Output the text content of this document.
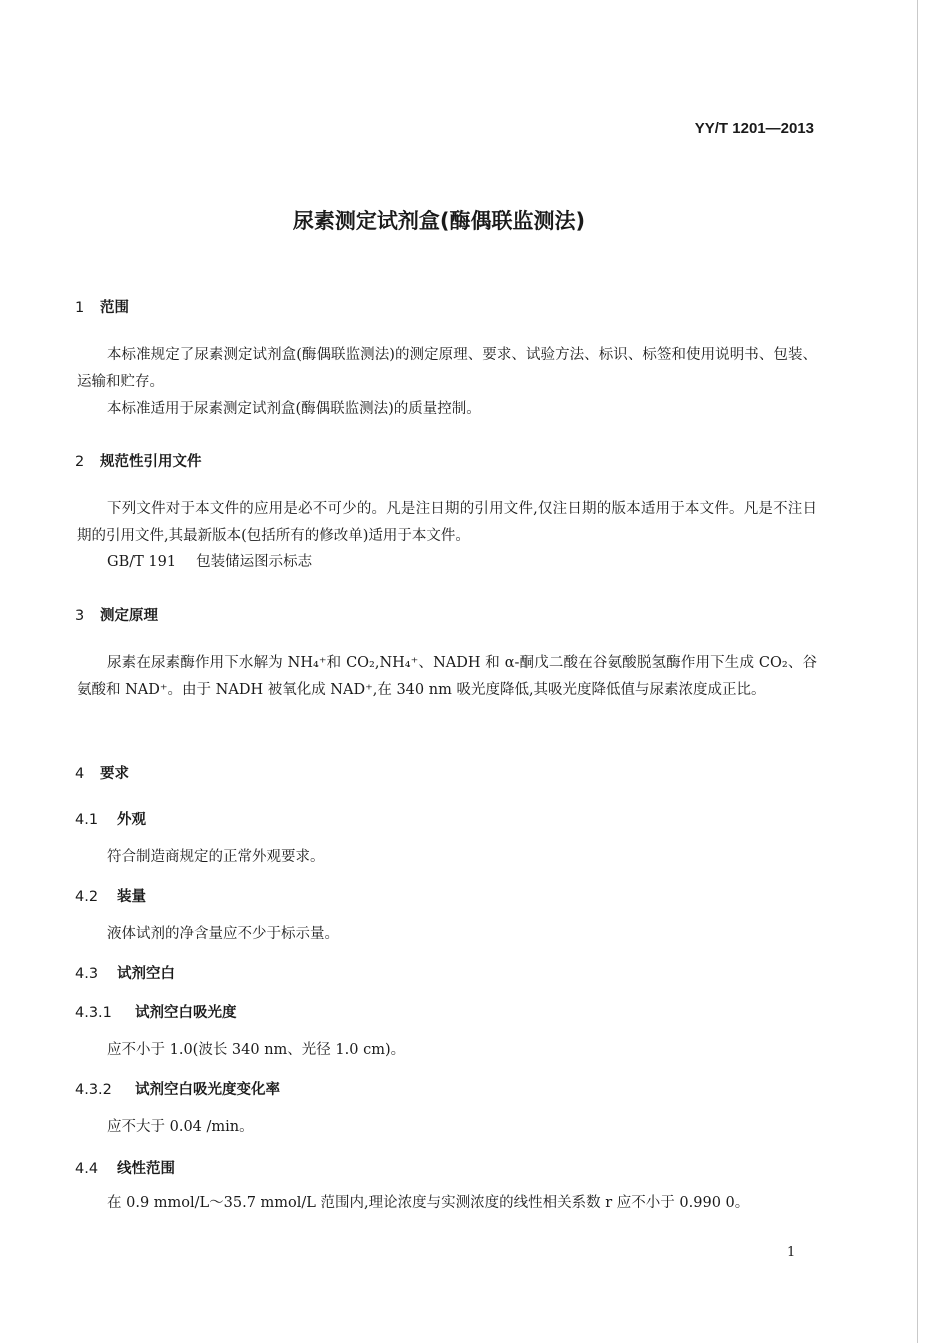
YY/T 1201—2013
尿素测定试剂盒(酶偶联监测法)
1 范围
本标准规定了尿素测定试剂盒(酶偶联监测法)的测定原理、要求、试验方法、标识、标签和使用说明书、包装、运输和贮存。
本标准适用于尿素测定试剂盒(酶偶联监测法)的质量控制。
2 规范性引用文件
下列文件对于本文件的应用是必不可少的。凡是注日期的引用文件,仅注日期的版本适用于本文件。凡是不注日期的引用文件,其最新版本(包括所有的修改单)适用于本文件。
GB/T 191 包装储运图示标志
3 测定原理
尿素在尿素酶作用下水解为 NH₄⁺和 CO₂,NH₄⁺、NADH 和 α-酮戊二酸在谷氨酸脱氢酶作用下生成 CO₂、谷氨酸和 NAD⁺。由于 NADH 被氧化成 NAD⁺,在 340 nm 吸光度降低,其吸光度降低值与尿素浓度成正比。
4 要求
4.1 外观
符合制造商规定的正常外观要求。
4.2 装量
液体试剂的净含量应不少于标示量。
4.3 试剂空白
4.3.1 试剂空白吸光度
应不小于 1.0(波长 340 nm、光径 1.0 cm)。
4.3.2 试剂空白吸光度变化率
应不大于 0.04 /min。
4.4 线性范围
在 0.9 mmol/L～35.7 mmol/L 范围内,理论浓度与实测浓度的线性相关系数 r 应不小于 0.990 0。
1
